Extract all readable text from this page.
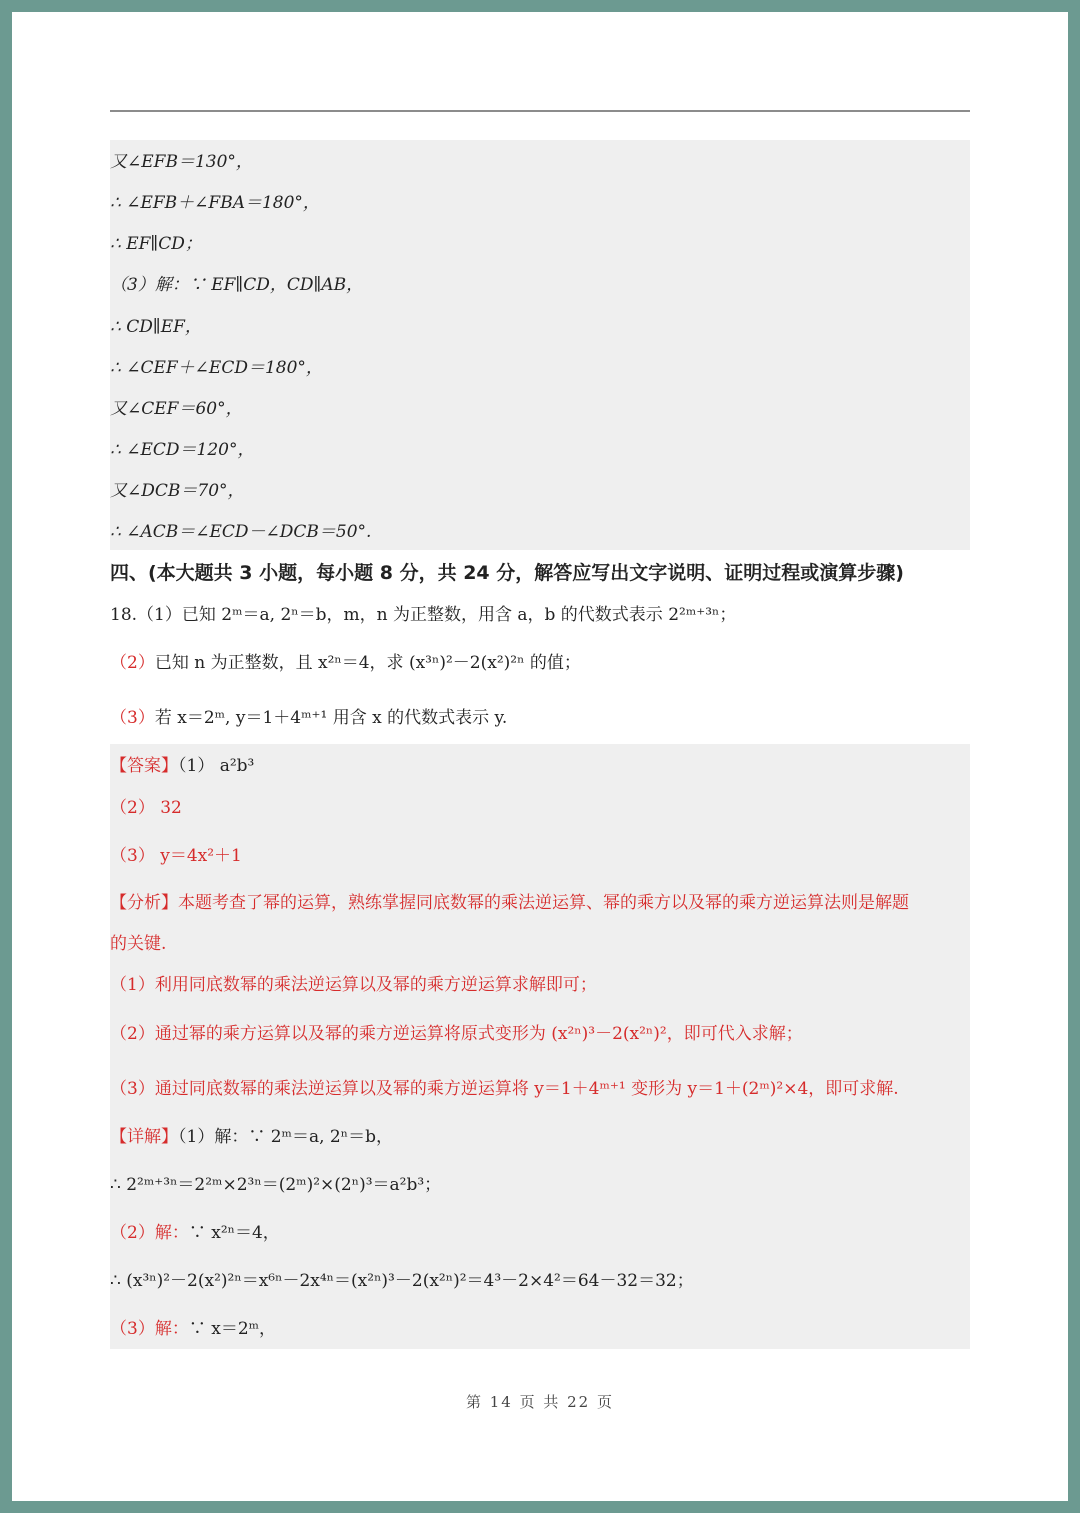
又∠EFB＝130°，
∴ ∠EFB＋∠FBA＝180°，
∴ EF∥CD；
（3）解：∵ EF∥CD，CD∥AB，
∴ CD∥EF，
∴ ∠CEF＋∠ECD＝180°，
又∠CEF＝60°，
∴ ∠ECD＝120°，
又∠DCB＝70°，
∴ ∠ACB＝∠ECD－∠DCB＝50°.
四、(本大题共 3 小题，每小题 8 分，共 24 分，解答应写出文字说明、证明过程或演算步骤)
18.（1）已知 2ᵐ＝a, 2ⁿ＝b，m，n 为正整数，用含 a，b 的代数式表示 2²ᵐ⁺³ⁿ；
（2）已知 n 为正整数，且 x²ⁿ＝4，求 (x³ⁿ)²－2(x²)²ⁿ 的值；
（3）若 x＝2ᵐ, y＝1＋4ᵐ⁺¹ 用含 x 的代数式表示 y.
【答案】（1） a²b³
（2） 32
（3） y＝4x²＋1
【分析】本题考查了幂的运算，熟练掌握同底数幂的乘法逆运算、幂的乘方以及幂的乘方逆运算法则是解题
的关键.
（1）利用同底数幂的乘法逆运算以及幂的乘方逆运算求解即可；
（2）通过幂的乘方运算以及幂的乘方逆运算将原式变形为 (x²ⁿ)³－2(x²ⁿ)²，即可代入求解；
（3）通过同底数幂的乘法逆运算以及幂的乘方逆运算将 y＝1＋4ᵐ⁺¹ 变形为 y＝1＋(2ᵐ)²×4，即可求解.
【详解】（1）解：∵ 2ᵐ＝a, 2ⁿ＝b，
∴ 2²ᵐ⁺³ⁿ＝2²ᵐ×2³ⁿ＝(2ᵐ)²×(2ⁿ)³＝a²b³；
（2）解：∵ x²ⁿ＝4，
∴ (x³ⁿ)²－2(x²)²ⁿ＝x⁶ⁿ－2x⁴ⁿ＝(x²ⁿ)³－2(x²ⁿ)²＝4³－2×4²＝64－32＝32；
（3）解：∵ x＝2ᵐ，
第 14 页 共 22 页
